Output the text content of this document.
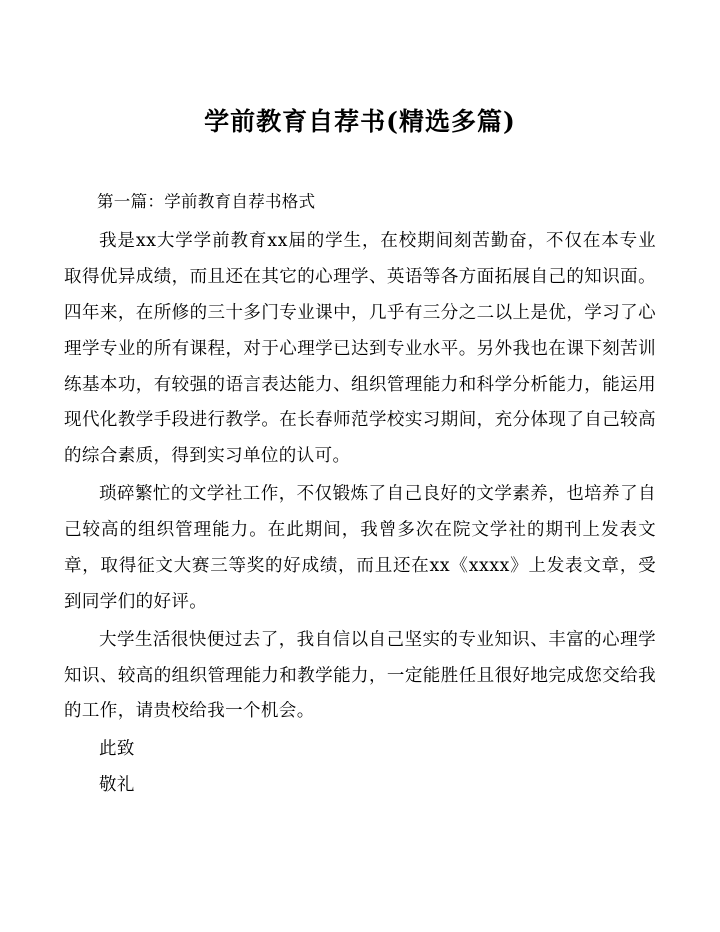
学前教育自荐书(精选多篇)

第一篇：学前教育自荐书格式

我是xx大学学前教育xx届的学生，在校期间刻苦勤奋，不仅在本专业取得优异成绩，而且还在其它的心理学、英语等各方面拓展自己的知识面。四年来，在所修的三十多门专业课中，几乎有三分之二以上是优，学习了心理学专业的所有课程，对于心理学已达到专业水平。另外我也在课下刻苦训练基本功，有较强的语言表达能力、组织管理能力和科学分析能力，能运用现代化教学手段进行教学。在长春师范学校实习期间，充分体现了自己较高的综合素质，得到实习单位的认可。

琐碎繁忙的文学社工作，不仅锻炼了自己良好的文学素养，也培养了自己较高的组织管理能力。在此期间，我曾多次在院文学社的期刊上发表文章，取得征文大赛三等奖的好成绩，而且还在xx《xxxx》上发表文章，受到同学们的好评。

大学生活很快便过去了，我自信以自己坚实的专业知识、丰富的心理学知识、较高的组织管理能力和教学能力，一定能胜任且很好地完成您交给我的工作，请贵校给我一个机会。

此致

敬礼
